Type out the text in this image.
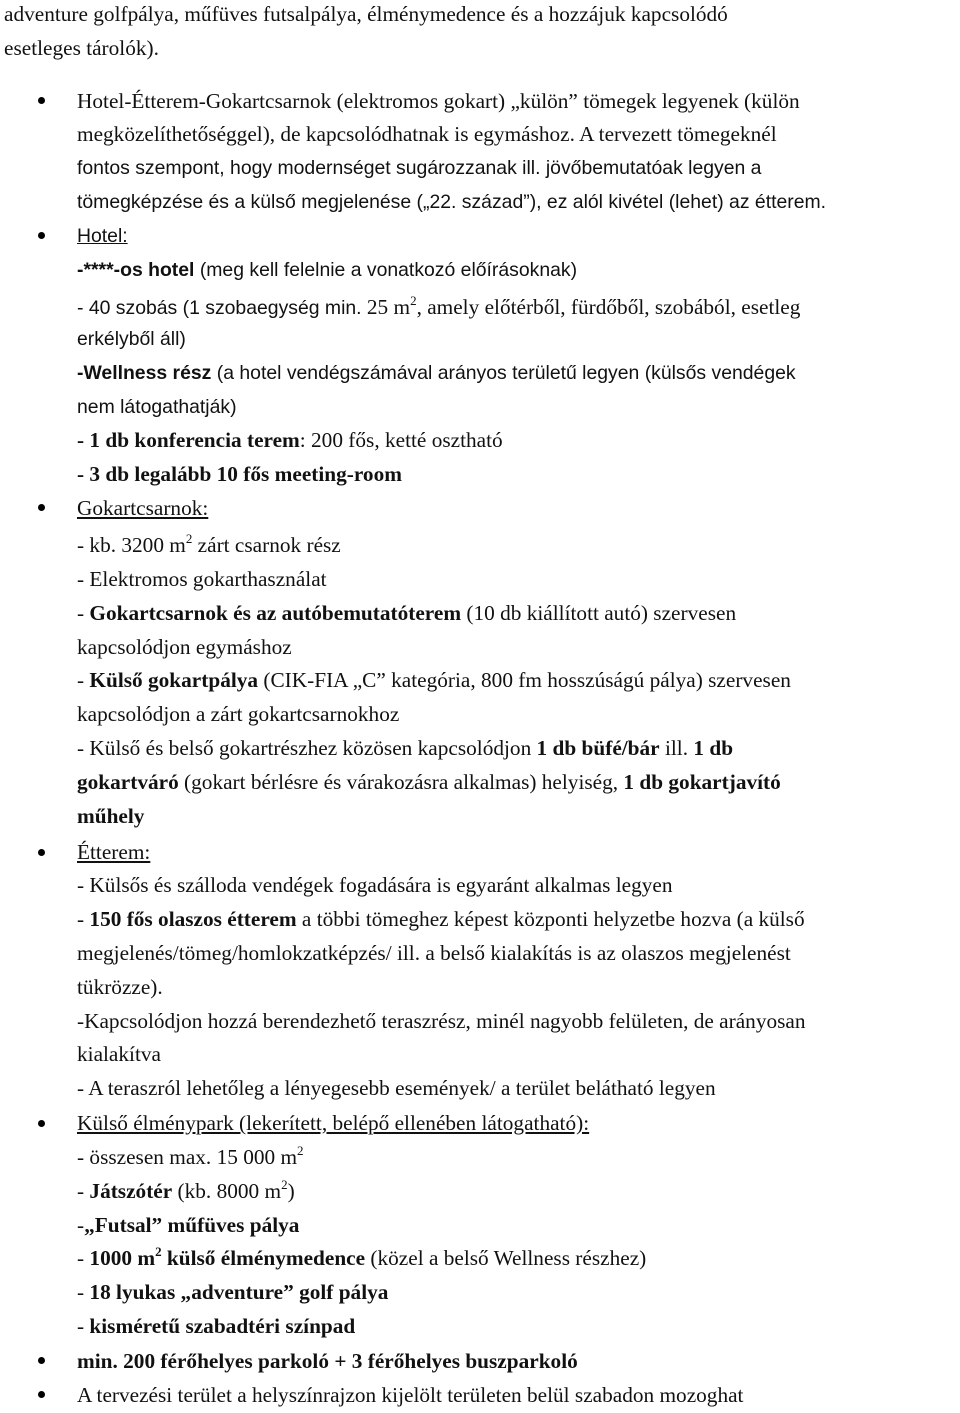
adventure golfpálya, műfüves futsalpálya, élménymedence és a hozzájuk kapcsolódó
esetleges tárolók).
Hotel-Étterem-Gokartcsarnok (elektromos gokart) „külön” tömegek legyenek (külön
megközelíthetőséggel), de kapcsolódhatnak is egymáshoz. A tervezett tömegeknél
fontos szempont, hogy modernséget sugározzanak ill. jövőbemutatóak legyen a
tömegképzése és a külső megjelenése („22. század”), ez alól kivétel (lehet) az étterem.
Hotel:
-****-os hotel (meg kell felelnie a vonatkozó előírásoknak)
- 40 szobás (1 szobaegység min. 25 $m^2$, amely előtérből, fürdőből, szobából, esetleg
erkélyből áll)
-Wellness rész (a hotel vendégszámával arányos területű legyen (külsős vendégek
nem látogathatják)
- 1 db konferencia terem: 200 fős, ketté osztható
- 3 db legalább 10 fős meeting-room
Gokartcsarnok:
- kb. 3200 $m^2$ zárt csarnok rész
- Elektromos gokarthasználat
- Gokartcsarnok és az autóbemutatóterem (10 db kiállított autó) szervesen
kapcsolódjon egymáshoz
- Külső gokartpálya (CIK-FIA „C” kategória, 800 fm hosszúságú pálya) szervesen
kapcsolódjon a zárt gokartcsarnokhoz
- Külső és belső gokartrészhez közösen kapcsolódjon 1 db büfé/bár ill. 1 db
gokartváró (gokart bérlésre és várakozásra alkalmas) helyiség, 1 db gokartjavító
műhely
Étterem:
- Külsős és szálloda vendégek fogadására is egyaránt alkalmas legyen
- 150 fős olaszos étterem a többi tömeghez képest központi helyzetbe hozva (a külső
megjelenés/tömeg/homlokzatképzés/ ill. a belső kialakítás is az olaszos megjelenést
tükrözze).
-Kapcsolódjon hozzá berendezhető teraszrész, minél nagyobb felületen, de arányosan
kialakítva
- A teraszról lehetőleg a lényegesebb események/ a terület belátható legyen
Külső élménypark (lekerített, belépő ellenében látogatható):
- összesen max. 15 000 $m^2$
- Játszótér (kb. 8000 $m^2$)
-„Futsal” műfüves pálya
- 1000 $m^2$ külső élménymedence (közel a belső Wellness részhez)
- 18 lyukas „adventure” golf pálya
- kisméretű szabadtéri színpad
min. 200 férőhelyes parkoló + 3 férőhelyes buszparkoló
A tervezési terület a helyszínrajzon kijelölt területen belül szabadon mozoghat
